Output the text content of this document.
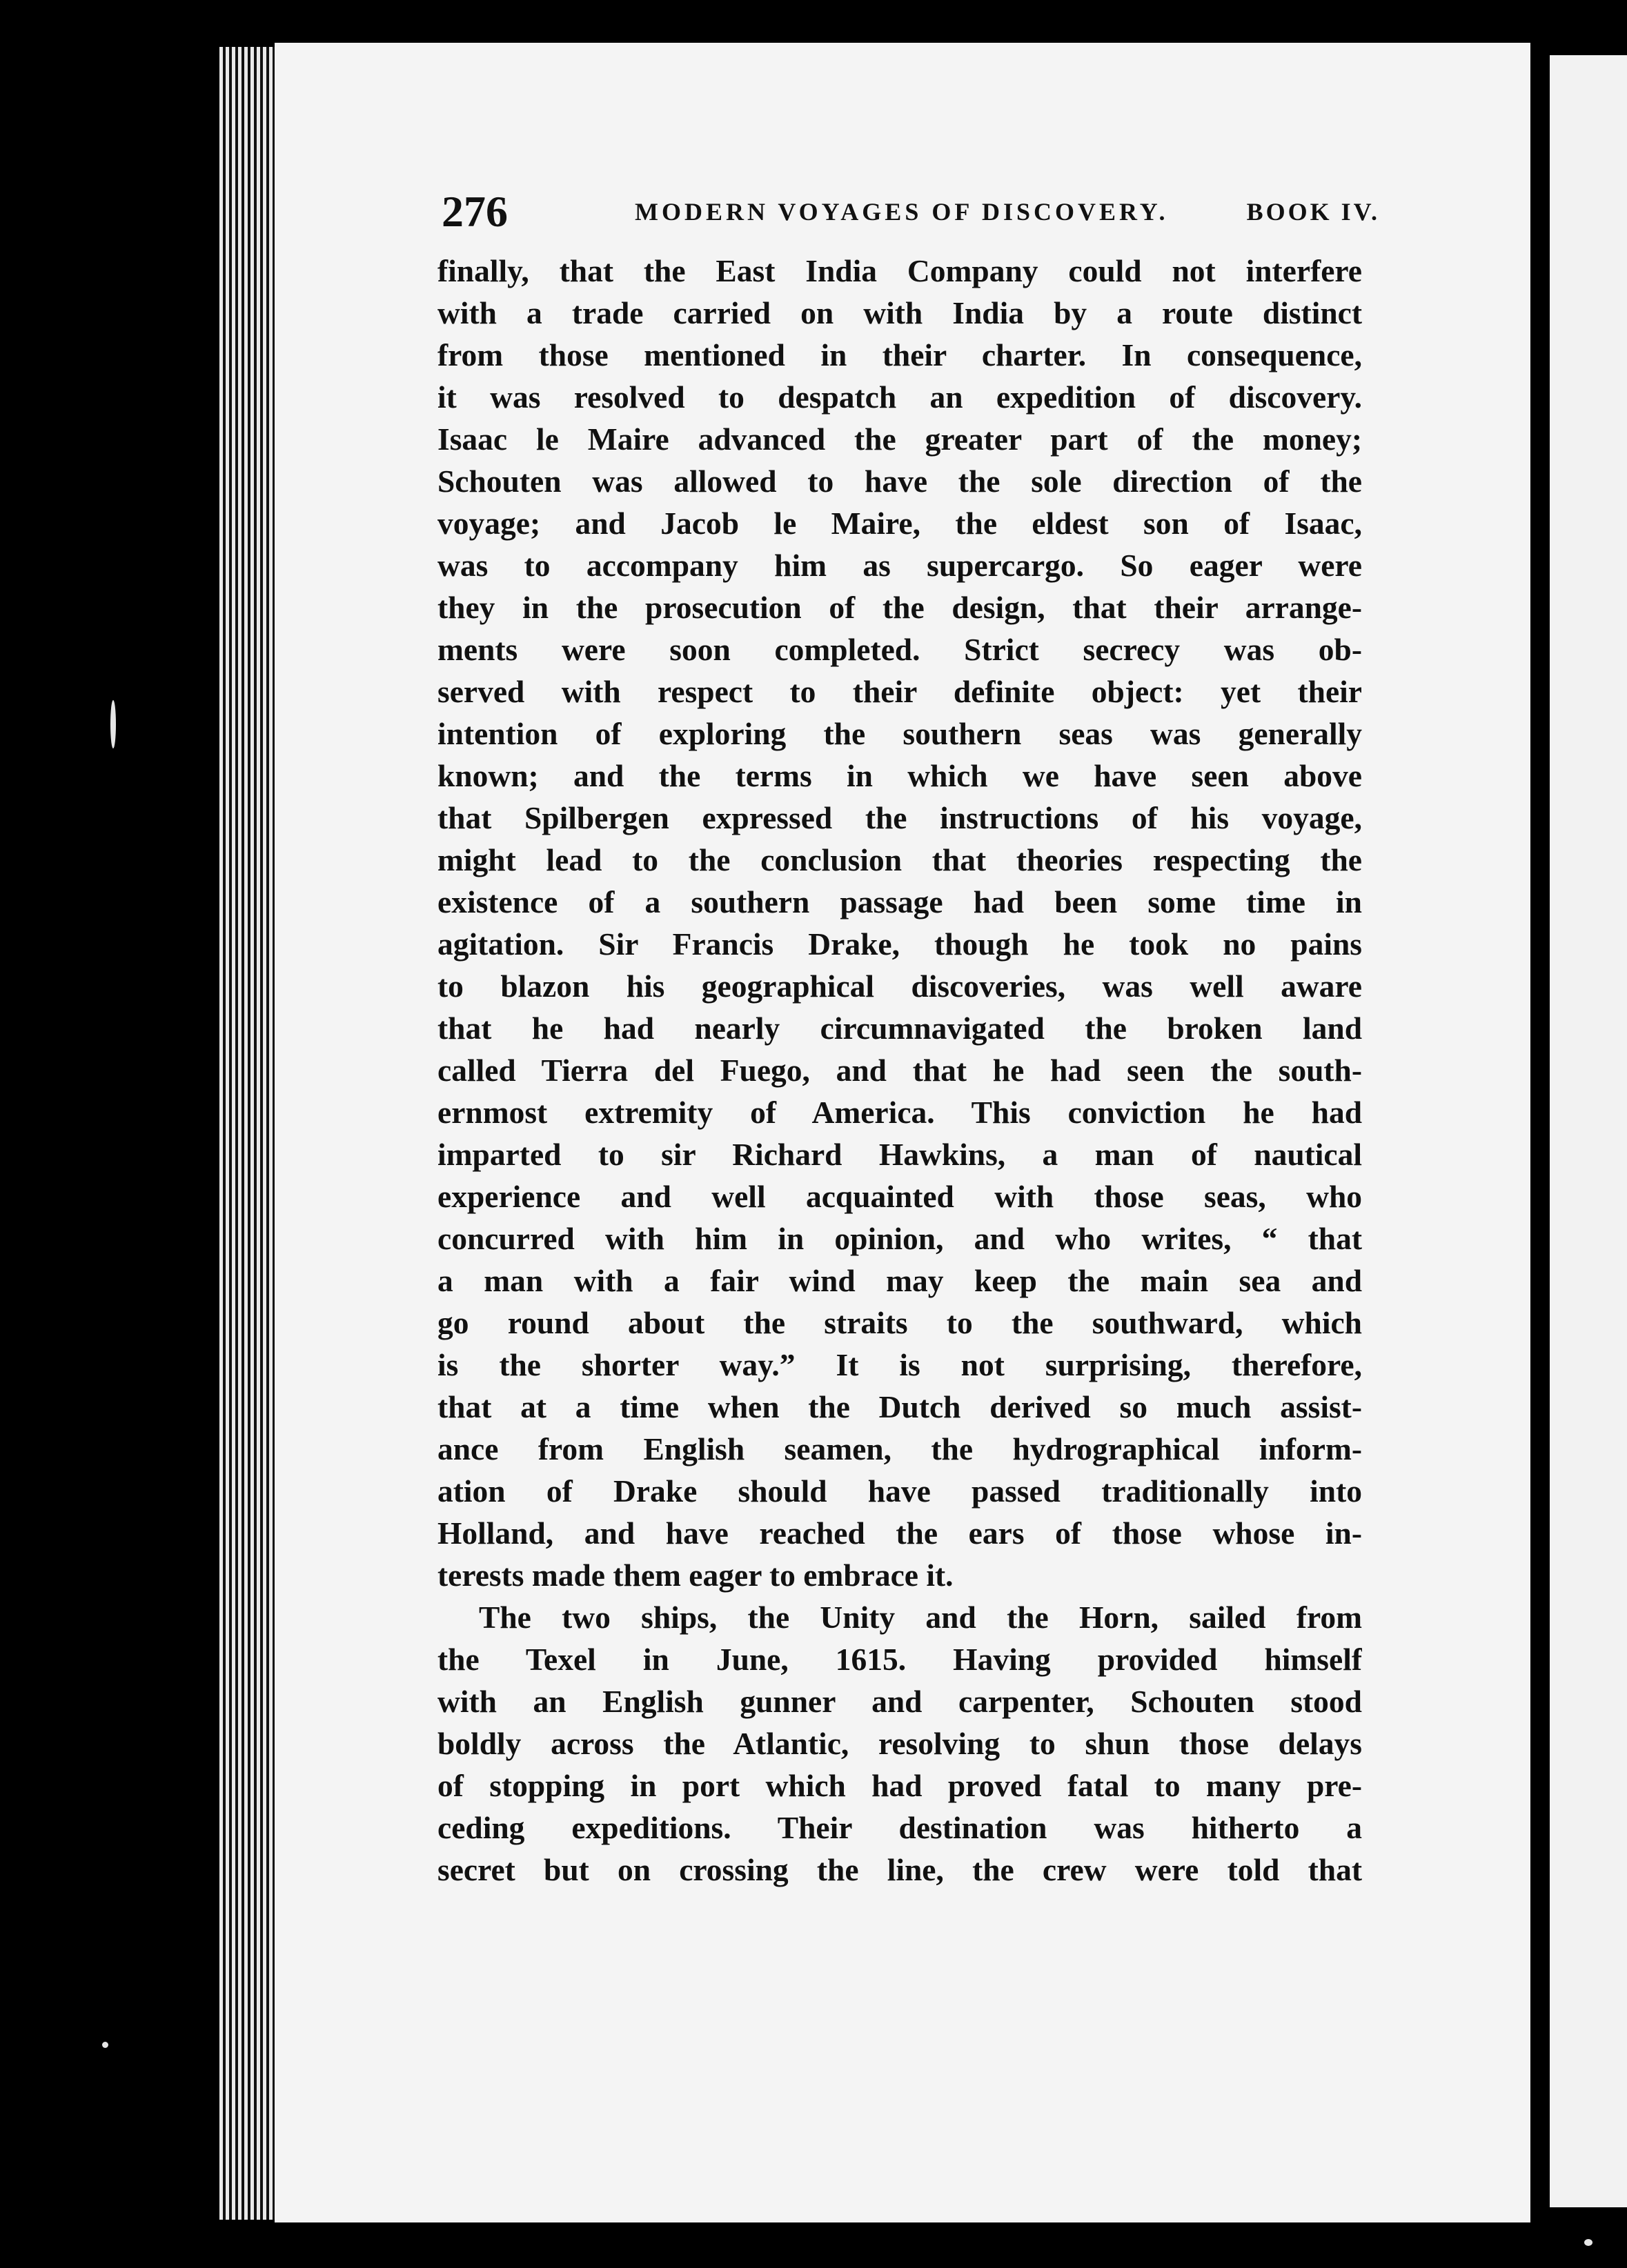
276	MODERN VOYAGES OF DISCOVERY.	BOOK IV.
finally, that the East India Company could not interfere
with a trade carried on with India by a route distinct
from those mentioned in their charter. In consequence,
it was resolved to despatch an expedition of discovery.
Isaac le Maire advanced the greater part of the money;
Schouten was allowed to have the sole direction of the
voyage; and Jacob le Maire, the eldest son of Isaac,
was to accompany him as supercargo. So eager were
they in the prosecution of the design, that their arrange-
ments were soon completed. Strict secrecy was ob-
served with respect to their definite object: yet their
intention of exploring the southern seas was generally
known; and the terms in which we have seen above
that Spilbergen expressed the instructions of his voyage,
might lead to the conclusion that theories respecting the
existence of a southern passage had been some time in
agitation. Sir Francis Drake, though he took no pains
to blazon his geographical discoveries, was well aware
that he had nearly circumnavigated the broken land
called Tierra del Fuego, and that he had seen the south-
ernmost extremity of America. This conviction he had
imparted to sir Richard Hawkins, a man of nautical
experience and well acquainted with those seas, who
concurred with him in opinion, and who writes, “ that
a man with a fair wind may keep the main sea and
go round about the straits to the southward, which
is the shorter way.” It is not surprising, therefore,
that at a time when the Dutch derived so much assist-
ance from English seamen, the hydrographical inform-
ation of Drake should have passed traditionally into
Holland, and have reached the ears of those whose in-
terests made them eager to embrace it.
The two ships, the Unity and the Horn, sailed from
the Texel in June, 1615. Having provided himself
with an English gunner and carpenter, Schouten stood
boldly across the Atlantic, resolving to shun those delays
of stopping in port which had proved fatal to many pre-
ceding expeditions. Their destination was hitherto a
secret but on crossing the line, the crew were told that
